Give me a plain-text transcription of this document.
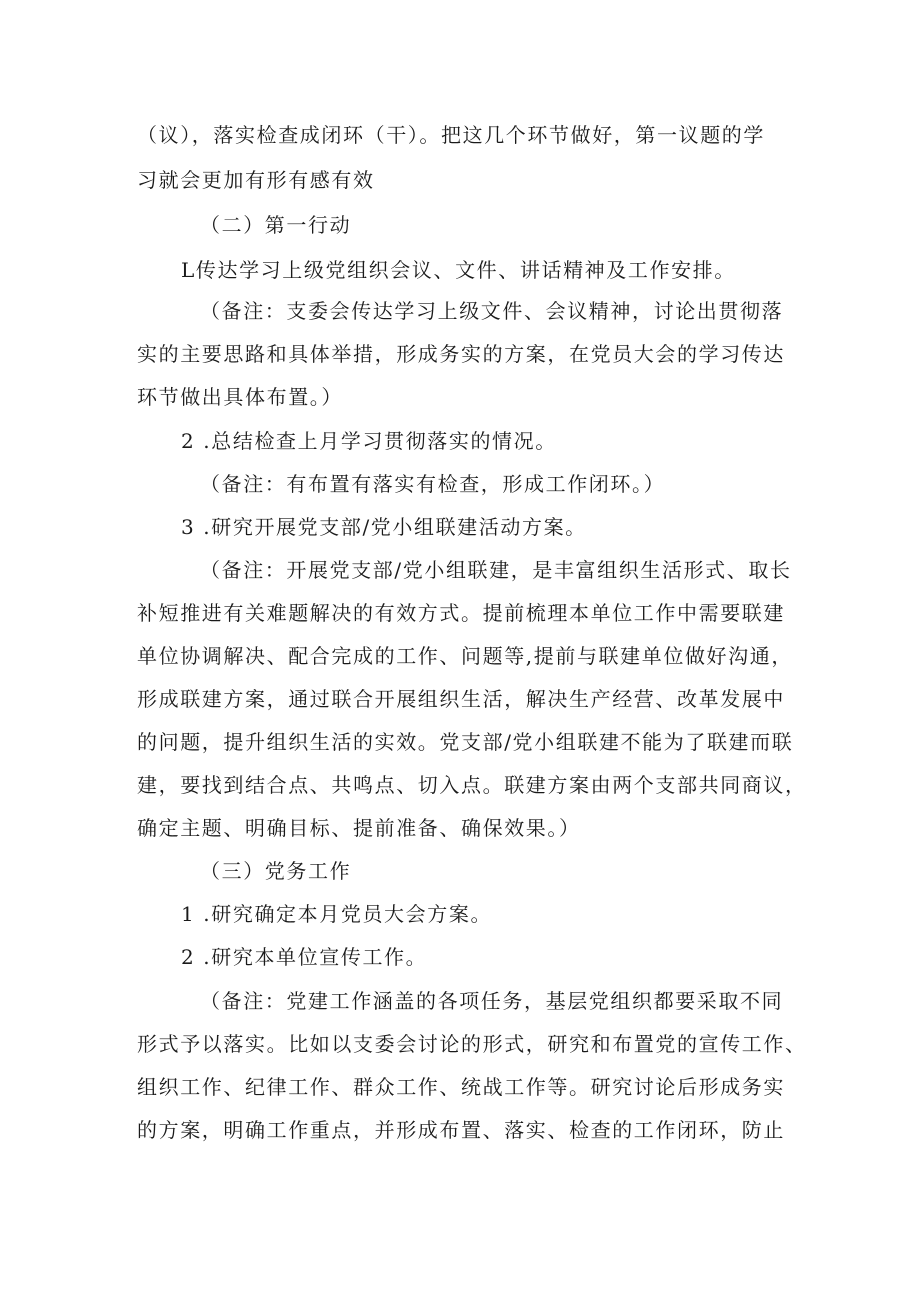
（议），落实检查成闭环（干）。把这几个环节做好，第一议题的学
习就会更加有形有感有效
（二）第一行动
L传达学习上级党组织会议、文件、讲话精神及工作安排。
（备注：支委会传达学习上级文件、会议精神，讨论出贯彻落
实的主要思路和具体举措，形成务实的方案，在党员大会的学习传达
环节做出具体布置。）
2 .总结检查上月学习贯彻落实的情况。
（备注：有布置有落实有检查，形成工作闭环。）
3 .研究开展党支部/党小组联建活动方案。
（备注：开展党支部/党小组联建，是丰富组织生活形式、取长
补短推进有关难题解决的有效方式。提前梳理本单位工作中需要联建
单位协调解决、配合完成的工作、问题等,提前与联建单位做好沟通，
形成联建方案，通过联合开展组织生活，解决生产经营、改革发展中
的问题，提升组织生活的实效。党支部/党小组联建不能为了联建而联
建，要找到结合点、共鸣点、切入点。联建方案由两个支部共同商议，
确定主题、明确目标、提前准备、确保效果。）
（三）党务工作
1 .研究确定本月党员大会方案。
2 .研究本单位宣传工作。
（备注：党建工作涵盖的各项任务，基层党组织都要采取不同
形式予以落实。比如以支委会讨论的形式，研究和布置党的宣传工作、
组织工作、纪律工作、群众工作、统战工作等。研究讨论后形成务实
的方案，明确工作重点，并形成布置、落实、检查的工作闭环，防止
